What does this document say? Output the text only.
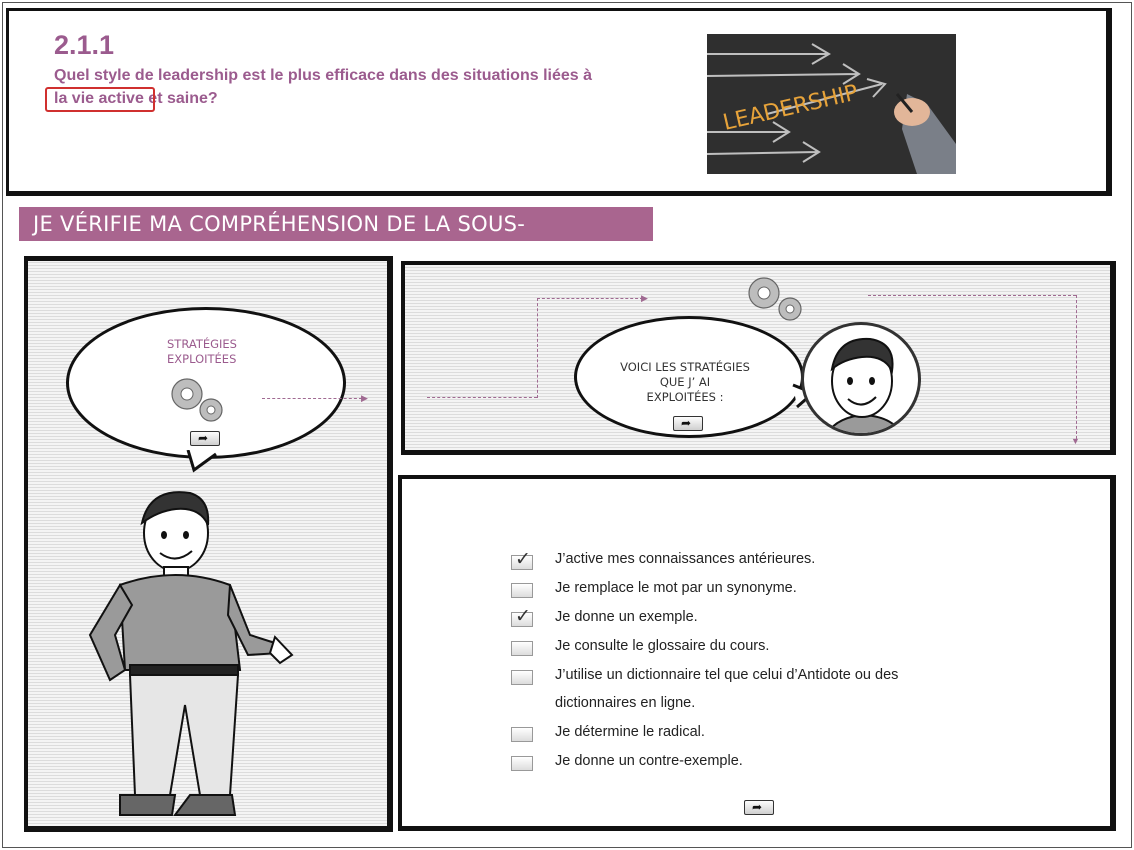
2.1.1
Quel style de leadership est le plus efficace dans des situations liées à
la vie active et saine?	LEADERSHIP
JE VÉRIFIE MA COMPRÉHENSION DE LA SOUS-
STRATÉGIES
EXPLOITÉES
➦
▶
▶
▼
VOICI LES STRATÉGIES
QUE J’ AI
EXPLOITÉES :
➦
✓ J’active mes connaissances antérieures.
Je remplace le mot par un synonyme.
✓ Je donne un exemple.
Je consulte le glossaire du cours.
J’utilise un dictionnaire tel que celui d’Antidote ou des
dictionnaires en ligne.
Je détermine le radical.
Je donne un contre-exemple.
➦
